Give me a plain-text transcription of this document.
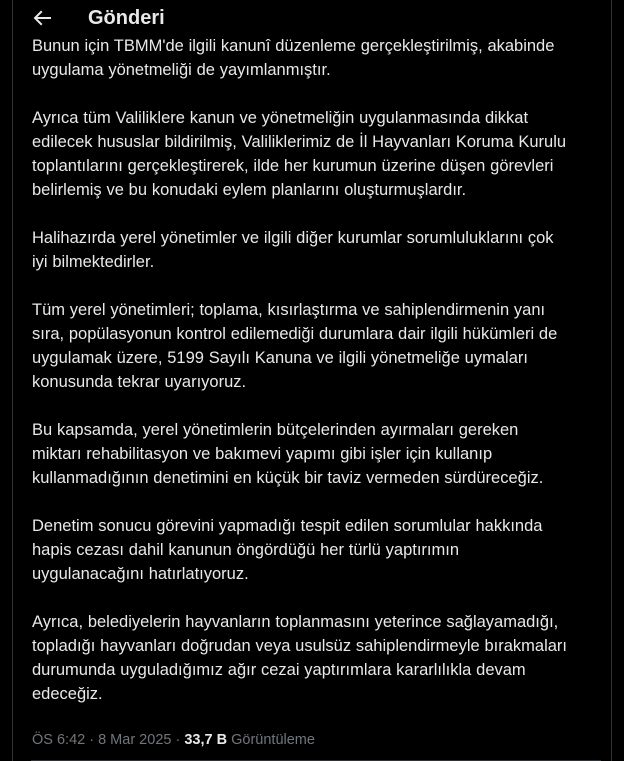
Bunun için TBMM'de ilgili kanunî düzenleme gerçekleştirilmiş, akabinde
uygulama yönetmeliği de yayımlanmıştır.

Ayrıca tüm Valiliklere kanun ve yönetmeliğin uygulanmasında dikkat
edilecek hususlar bildirilmiş, Valiliklerimiz de İl Hayvanları Koruma Kurulu
toplantılarını gerçekleştirerek, ilde her kurumun üzerine düşen görevleri
belirlemiş ve bu konudaki eylem planlarını oluşturmuşlardır.

Halihazırda yerel yönetimler ve ilgili diğer kurumlar sorumluluklarını çok
iyi bilmektedirler.

Tüm yerel yönetimleri; toplama, kısırlaştırma ve sahiplendirmenin yanı
sıra, popülasyonun kontrol edilemediği durumlara dair ilgili hükümleri de
uygulamak üzere, 5199 Sayılı Kanuna ve ilgili yönetmeliğe uymaları
konusunda tekrar uyarıyoruz.

Bu kapsamda, yerel yönetimlerin bütçelerinden ayırmaları gereken
miktarı rehabilitasyon ve bakımevi yapımı gibi işler için kullanıp
kullanmadığının denetimini en küçük bir taviz vermeden sürdüreceğiz.

Denetim sonucu görevini yapmadığı tespit edilen sorumlular hakkında
hapis cezası dahil kanunun öngördüğü her türlü yaptırımın
uygulanacağını hatırlatıyoruz.

Ayrıca, belediyelerin hayvanların toplanmasını yeterince sağlayamadığı,
topladığı hayvanları doğrudan veya usulsüz sahiplendirmeyle bırakmaları
durumunda uyguladığımız ağır cezai yaptırımlara kararlılıkla devam
edeceğiz.

ÖS 6:42 · 8 Mar 2025 · 33,7 B Görüntüleme
Gönderi
